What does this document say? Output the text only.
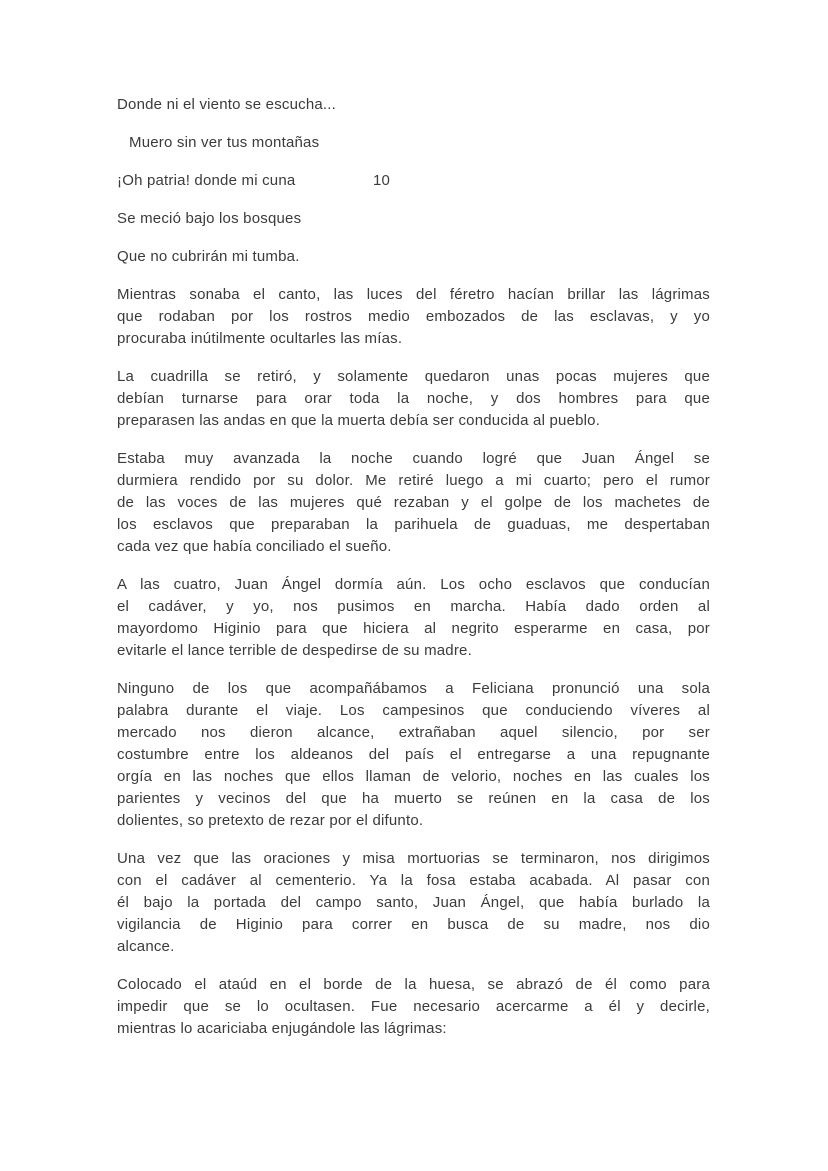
Donde ni el viento se escucha...
Muero sin ver tus montañas
¡Oh patria! donde mi cuna	10
Se meció bajo los bosques
Que no cubrirán mi tumba.
Mientras sonaba el canto, las luces del féretro hacían brillar las lágrimas
que rodaban por los rostros medio embozados de las esclavas, y yo
procuraba inútilmente ocultarles las mías.
La cuadrilla se retiró, y solamente quedaron unas pocas mujeres que
debían turnarse para orar toda la noche, y dos hombres para que
preparasen las andas en que la muerta debía ser conducida al pueblo.
Estaba muy avanzada la noche cuando logré que Juan Ángel se
durmiera rendido por su dolor. Me retiré luego a mi cuarto; pero el rumor
de las voces de las mujeres qué rezaban y el golpe de los machetes de
los esclavos que preparaban la parihuela de guaduas, me despertaban
cada vez que había conciliado el sueño.
A las cuatro, Juan Ángel dormía aún. Los ocho esclavos que conducían
el cadáver, y yo, nos pusimos en marcha. Había dado orden al
mayordomo Higinio para que hiciera al negrito esperarme en casa, por
evitarle el lance terrible de despedirse de su madre.
Ninguno de los que acompañábamos a Feliciana pronunció una sola
palabra durante el viaje. Los campesinos que conduciendo víveres al
mercado nos dieron alcance, extrañaban aquel silencio, por ser
costumbre entre los aldeanos del país el entregarse a una repugnante
orgía en las noches que ellos llaman de velorio, noches en las cuales los
parientes y vecinos del que ha muerto se reúnen en la casa de los
dolientes, so pretexto de rezar por el difunto.
Una vez que las oraciones y misa mortuorias se terminaron, nos dirigimos
con el cadáver al cementerio. Ya la fosa estaba acabada. Al pasar con
él bajo la portada del campo santo, Juan Ángel, que había burlado la
vigilancia de Higinio para correr en busca de su madre, nos dio
alcance.
Colocado el ataúd en el borde de la huesa, se abrazó de él como para
impedir que se lo ocultasen. Fue necesario acercarme a él y decirle,
mientras lo acariciaba enjugándole las lágrimas:
